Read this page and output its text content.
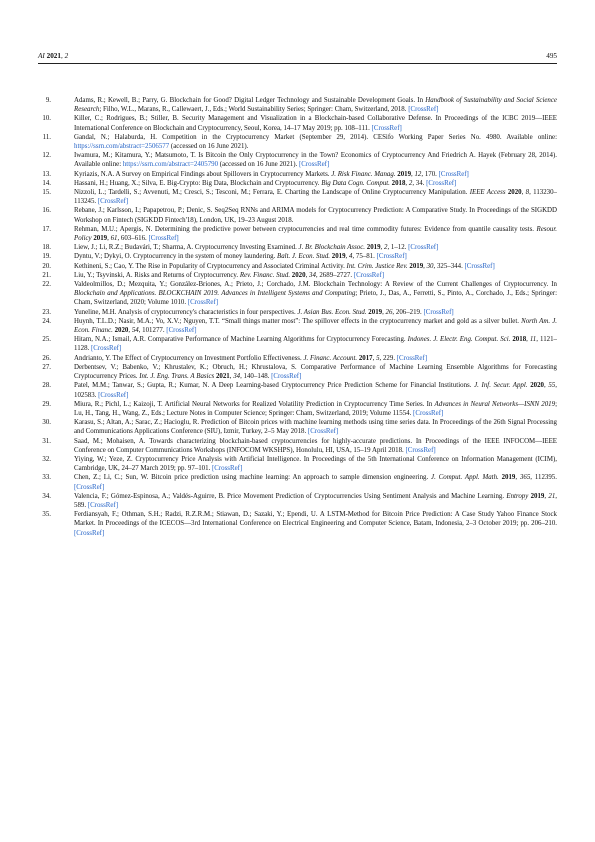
AI 2021, 2	495
9.	Adams, R.; Kewell, B.; Parry, G. Blockchain for Good? Digital Ledger Technology and Sustainable Development Goals. In Handbook of Sustainability and Social Science Research; Filho, W.L., Marans, R., Callewaert, J., Eds.; World Sustainability Series; Springer: Cham, Switzerland, 2018. [CrossRef]
10.	Killer, C.; Rodrigues, B.; Stiller, B. Security Management and Visualization in a Blockchain-based Collaborative Defense. In Proceedings of the ICBC 2019—IEEE International Conference on Blockchain and Cryptocurrency, Seoul, Korea, 14–17 May 2019; pp. 108–111. [CrossRef]
11.	Gandal, N.; Halaburda, H. Competition in the Cryptocurrency Market (September 29, 2014). CESifo Working Paper Series No. 4980. Available online: https://ssrn.com/abstract=2506577 (accessed on 16 June 2021).
12.	Iwamura, M.; Kitamura, Y.; Matsumoto, T. Is Bitcoin the Only Cryptocurrency in the Town? Economics of Cryptocurrency And Friedrich A. Hayek (February 28, 2014). Available online: https://ssrn.com/abstract=2405790 (accessed on 16 June 2021). [CrossRef]
13.	Kyriazis, N.A. A Survey on Empirical Findings about Spillovers in Cryptocurrency Markets. J. Risk Financ. Manag. 2019, 12, 170. [CrossRef]
14.	Hassani, H.; Huang, X.; Silva, E. Big-Crypto: Big Data, Blockchain and Cryptocurrency. Big Data Cogn. Comput. 2018, 2, 34. [CrossRef]
15.	Nizzoli, L.; Tardelli, S.; Avvenuti, M.; Cresci, S.; Tesconi, M.; Ferrara, E. Charting the Landscape of Online Cryptocurrency Manipulation. IEEE Access 2020, 8, 113230–113245. [CrossRef]
16.	Rebane, J.; Karlsson, I.; Papapetrou, P.; Denic, S. Seq2Seq RNNs and ARIMA models for Cryptocurrency Prediction: A Comparative Study. In Proceedings of the SIGKDD Workshop on Fintech (SIGKDD Fintech'18), London, UK, 19–23 August 2018.
17.	Rehman, M.U.; Apergis, N. Determining the predictive power between cryptocurrencies and real time commodity futures: Evidence from quantile causality tests. Resour. Policy 2019, 61, 603–616. [CrossRef]
18.	Liew, J.; Li, R.Z.; Budavári, T.; Sharma, A. Cryptocurrency Investing Examined. J. Br. Blockchain Assoc. 2019, 2, 1–12. [CrossRef]
19.	Dyntu, V.; Dykyi, O. Cryptocurrency in the system of money laundering. Balt. J. Econ. Stud. 2019, 4, 75–81. [CrossRef]
20.	Kethineni, S.; Cao, Y. The Rise in Popularity of Cryptocurrency and Associated Criminal Activity. Int. Crim. Justice Rev. 2019, 30, 325–344. [CrossRef]
21.	Liu, Y.; Tsyvinski, A. Risks and Returns of Cryptocurrency. Rev. Financ. Stud. 2020, 34, 2689–2727. [CrossRef]
22.	Valdeolmillos, D.; Mezquita, Y.; González-Briones, A.; Prieto, J.; Corchado, J.M. Blockchain Technology: A Review of the Current Challenges of Cryptocurrency. In Blockchain and Applications. BLOCKCHAIN 2019. Advances in Intelligent Systems and Computing; Prieto, J., Das, A., Ferretti, S., Pinto, A., Corchado, J., Eds.; Springer: Cham, Switzerland, 2020; Volume 1010. [CrossRef]
23.	Yuneline, M.H. Analysis of cryptocurrency's characteristics in four perspectives. J. Asian Bus. Econ. Stud. 2019, 26, 206–219. [CrossRef]
24.	Huynh, T.L.D.; Nasir, M.A.; Vo, X.V.; Nguyen, T.T. “Small things matter most”: The spillover effects in the cryptocurrency market and gold as a silver bullet. North Am. J. Econ. Financ. 2020, 54, 101277. [CrossRef]
25.	Hitam, N.A.; Ismail, A.R. Comparative Performance of Machine Learning Algorithms for Cryptocurrency Forecasting. Indones. J. Electr. Eng. Comput. Sci. 2018, 11, 1121–1128. [CrossRef]
26.	Andrianto, Y. The Effect of Cryptocurrency on Investment Portfolio Effectiveness. J. Financ. Account. 2017, 5, 229. [CrossRef]
27.	Derbentsev, V.; Babenko, V.; Khrustalev, K.; Obruch, H.; Khrustalova, S. Comparative Performance of Machine Learning Ensemble Algorithms for Forecasting Cryptocurrency Prices. Int. J. Eng. Trans. A Basics 2021, 34, 140–148. [CrossRef]
28.	Patel, M.M.; Tanwar, S.; Gupta, R.; Kumar, N. A Deep Learning-based Cryptocurrency Price Prediction Scheme for Financial Institutions. J. Inf. Secur. Appl. 2020, 55, 102583. [CrossRef]
29.	Miura, R.; Pichl, L.; Kaizoji, T. Artificial Neural Networks for Realized Volatility Prediction in Cryptocurrency Time Series. In Advances in Neural Networks—ISNN 2019; Lu, H., Tang, H., Wang, Z., Eds.; Lecture Notes in Computer Science; Springer: Cham, Switzerland, 2019; Volume 11554. [CrossRef]
30.	Karasu, S.; Altan, A.; Sarac, Z.; Hacioglu, R. Prediction of Bitcoin prices with machine learning methods using time series data. In Proceedings of the 26th Signal Processing and Communications Applications Conference (SIU), Izmir, Turkey, 2–5 May 2018. [CrossRef]
31.	Saad, M.; Mohaisen, A. Towards characterizing blockchain-based cryptocurrencies for highly-accurate predictions. In Proceedings of the IEEE INFOCOM—IEEE Conference on Computer Communications Workshops (INFOCOM WKSHPS), Honolulu, HI, USA, 15–19 April 2018. [CrossRef]
32.	Yiying, W.; Yeze, Z. Cryptocurrency Price Analysis with Artificial Intelligence. In Proceedings of the 5th International Conference on Information Management (ICIM), Cambridge, UK, 24–27 March 2019; pp. 97–101. [CrossRef]
33.	Chen, Z.; Li, C.; Sun, W. Bitcoin price prediction using machine learning: An approach to sample dimension engineering. J. Comput. Appl. Math. 2019, 365, 112395. [CrossRef]
34.	Valencia, F.; Gómez-Espinosa, A.; Valdés-Aguirre, B. Price Movement Prediction of Cryptocurrencies Using Sentiment Analysis and Machine Learning. Entropy 2019, 21, 589. [CrossRef]
35.	Ferdiansyah, F.; Othman, S.H.; Radzi, R.Z.R.M.; Stiawan, D.; Sazaki, Y.; Ependi, U. A LSTM-Method for Bitcoin Price Prediction: A Case Study Yahoo Finance Stock Market. In Proceedings of the ICECOS—3rd International Conference on Electrical Engineering and Computer Science, Batam, Indonesia, 2–3 October 2019; pp. 206–210. [CrossRef]
